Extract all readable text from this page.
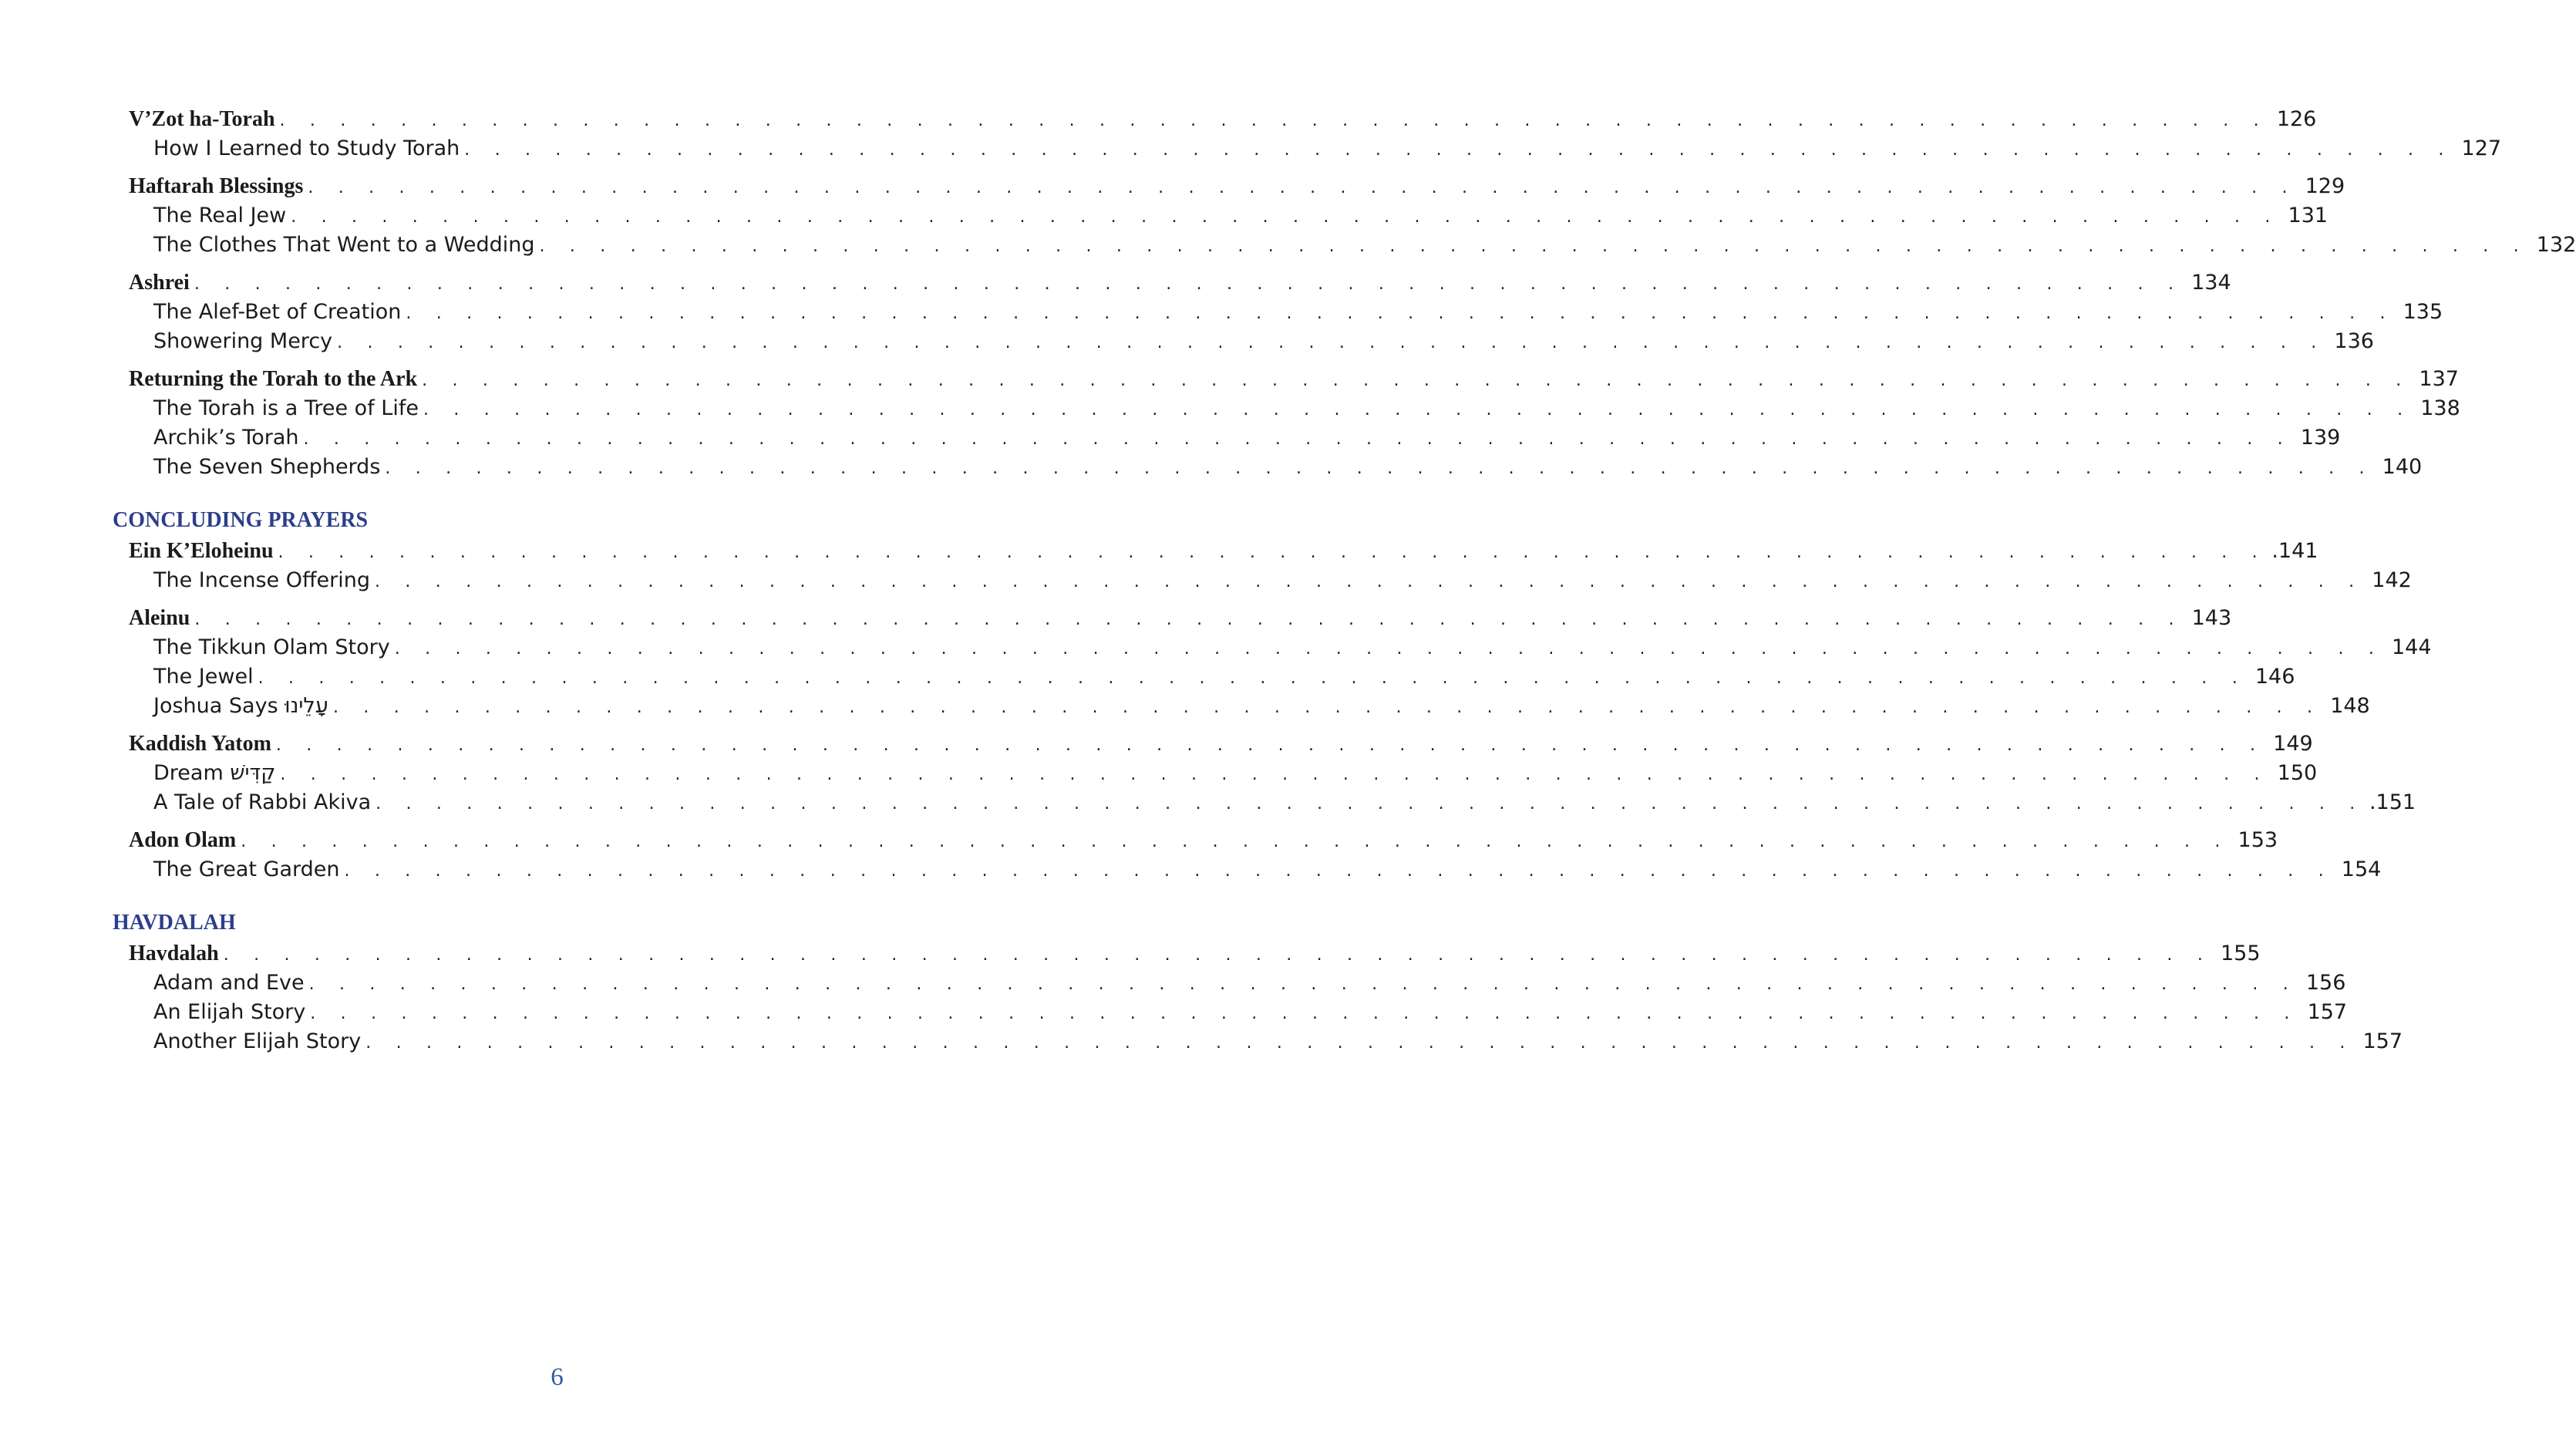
V’Zot ha-Torah . . . . . . . . . . . . . . . . . . . . . . . . . . . . . . . . . . . . . . . . . . . . . . . . . . . . . . . . . . . . . . . . . . 126
How I Learned to Study Torah . . . . . . . . . . . . . . . . . . . . . . . . . . . . . . . . . . . . . . . . . . . . . . . . . . . . . . . . . . . . . . . . . . 127
Haftarah Blessings . . . . . . . . . . . . . . . . . . . . . . . . . . . . . . . . . . . . . . . . . . . . . . . . . . . . . . . . . . . . . . . . . . 129
The Real Jew . . . . . . . . . . . . . . . . . . . . . . . . . . . . . . . . . . . . . . . . . . . . . . . . . . . . . . . . . . . . . . . . . . 131
The Clothes That Went to a Wedding . . . . . . . . . . . . . . . . . . . . . . . . . . . . . . . . . . . . . . . . . . . . . . . . . . . . . . . . . . . . . . . . . . 132
Ashrei . . . . . . . . . . . . . . . . . . . . . . . . . . . . . . . . . . . . . . . . . . . . . . . . . . . . . . . . . . . . . . . . . . 134
The Alef-Bet of Creation . . . . . . . . . . . . . . . . . . . . . . . . . . . . . . . . . . . . . . . . . . . . . . . . . . . . . . . . . . . . . . . . . . 135
Showering Mercy . . . . . . . . . . . . . . . . . . . . . . . . . . . . . . . . . . . . . . . . . . . . . . . . . . . . . . . . . . . . . . . . . . 136
Returning the Torah to the Ark . . . . . . . . . . . . . . . . . . . . . . . . . . . . . . . . . . . . . . . . . . . . . . . . . . . . . . . . . . . . . . . . . . 137
The Torah is a Tree of Life . . . . . . . . . . . . . . . . . . . . . . . . . . . . . . . . . . . . . . . . . . . . . . . . . . . . . . . . . . . . . . . . . . 138
Archik’s Torah . . . . . . . . . . . . . . . . . . . . . . . . . . . . . . . . . . . . . . . . . . . . . . . . . . . . . . . . . . . . . . . . . . 139
The Seven Shepherds . . . . . . . . . . . . . . . . . . . . . . . . . . . . . . . . . . . . . . . . . . . . . . . . . . . . . . . . . . . . . . . . . . 140
CONCLUDING PRAYERS
Ein K’Eloheinu . . . . . . . . . . . . . . . . . . . . . . . . . . . . . . . . . . . . . . . . . . . . . . . . . . . . . . . . . . . . . . . . . . .141
The Incense Offering . . . . . . . . . . . . . . . . . . . . . . . . . . . . . . . . . . . . . . . . . . . . . . . . . . . . . . . . . . . . . . . . . . 142
Aleinu . . . . . . . . . . . . . . . . . . . . . . . . . . . . . . . . . . . . . . . . . . . . . . . . . . . . . . . . . . . . . . . . . . 143
The Tikkun Olam Story . . . . . . . . . . . . . . . . . . . . . . . . . . . . . . . . . . . . . . . . . . . . . . . . . . . . . . . . . . . . . . . . . . 144
The Jewel . . . . . . . . . . . . . . . . . . . . . . . . . . . . . . . . . . . . . . . . . . . . . . . . . . . . . . . . . . . . . . . . . . 146
Joshua Says עָלֵינוּ . . . . . . . . . . . . . . . . . . . . . . . . . . . . . . . . . . . . . . . . . . . . . . . . . . . . . . . . . . . . . . . . . . 148
Kaddish Yatom . . . . . . . . . . . . . . . . . . . . . . . . . . . . . . . . . . . . . . . . . . . . . . . . . . . . . . . . . . . . . . . . . . 149
Dream קַדִּישׁ . . . . . . . . . . . . . . . . . . . . . . . . . . . . . . . . . . . . . . . . . . . . . . . . . . . . . . . . . . . . . . . . . . 150
A Tale of Rabbi Akiva . . . . . . . . . . . . . . . . . . . . . . . . . . . . . . . . . . . . . . . . . . . . . . . . . . . . . . . . . . . . . . . . . . .151
Adon Olam . . . . . . . . . . . . . . . . . . . . . . . . . . . . . . . . . . . . . . . . . . . . . . . . . . . . . . . . . . . . . . . . . . 153
The Great Garden . . . . . . . . . . . . . . . . . . . . . . . . . . . . . . . . . . . . . . . . . . . . . . . . . . . . . . . . . . . . . . . . . . 154
HAVDALAH
Havdalah . . . . . . . . . . . . . . . . . . . . . . . . . . . . . . . . . . . . . . . . . . . . . . . . . . . . . . . . . . . . . . . . . . 155
Adam and Eve . . . . . . . . . . . . . . . . . . . . . . . . . . . . . . . . . . . . . . . . . . . . . . . . . . . . . . . . . . . . . . . . . . 156
An Elijah Story . . . . . . . . . . . . . . . . . . . . . . . . . . . . . . . . . . . . . . . . . . . . . . . . . . . . . . . . . . . . . . . . . . 157
Another Elijah Story . . . . . . . . . . . . . . . . . . . . . . . . . . . . . . . . . . . . . . . . . . . . . . . . . . . . . . . . . . . . . . . . . . 157
6
